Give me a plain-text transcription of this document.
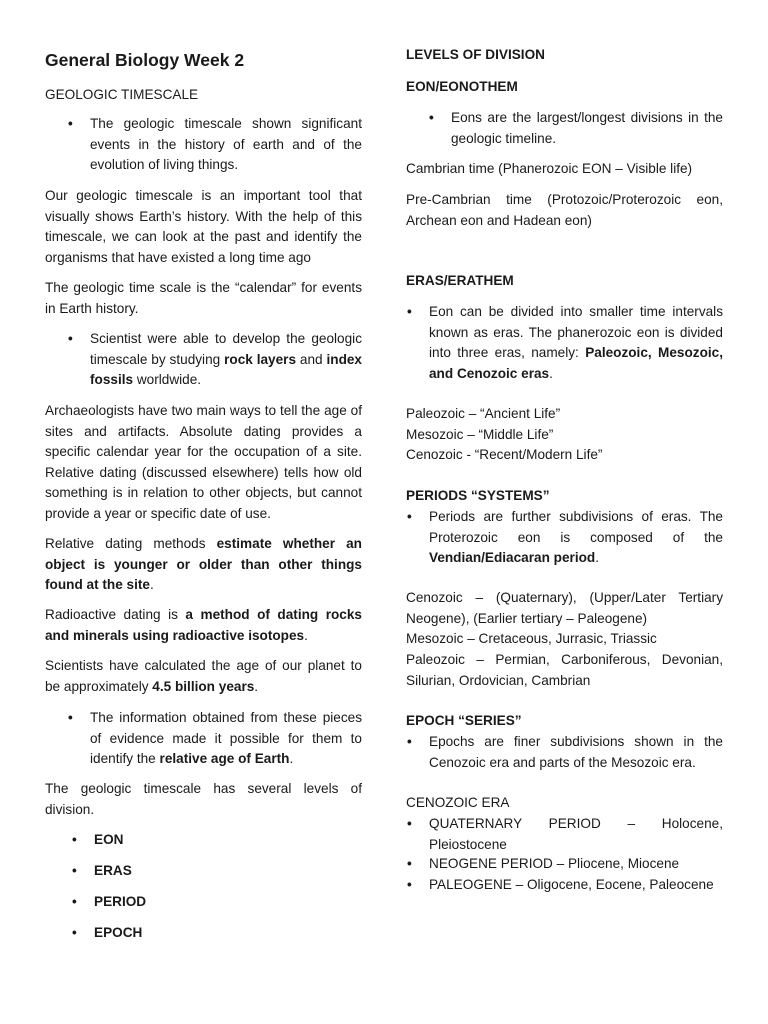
General Biology Week 2

GEOLOGIC TIMESCALE

• The geologic timescale shown significant events in the history of earth and of the evolution of living things.

Our geologic timescale is an important tool that visually shows Earth’s history. With the help of this timescale, we can look at the past and identify the organisms that have existed a long time ago

The geologic time scale is the “calendar” for events in Earth history.

• Scientist were able to develop the geologic timescale by studying rock layers and index fossils worldwide.

Archaeologists have two main ways to tell the age of sites and artifacts. Absolute dating provides a specific calendar year for the occupation of a site. Relative dating (discussed elsewhere) tells how old something is in relation to other objects, but cannot provide a year or specific date of use.

Relative dating methods estimate whether an object is younger or older than other things found at the site.

Radioactive dating is a method of dating rocks and minerals using radioactive isotopes.

Scientists have calculated the age of our planet to be approximately 4.5 billion years.

• The information obtained from these pieces of evidence made it possible for them to identify the relative age of Earth.

The geologic timescale has several levels of division.

• EON
• ERAS
• PERIOD
• EPOCH

LEVELS OF DIVISION

EON/EONOTHEM

• Eons are the largest/longest divisions in the geologic timeline.

Cambrian time (Phanerozoic EON – Visible life)

Pre-Cambrian time (Protozoic/Proterozoic eon, Archean eon and Hadean eon)

ERAS/ERATHEM

• Eon can be divided into smaller time intervals known as eras. The phanerozoic eon is divided into three eras, namely: Paleozoic, Mesozoic, and Cenozoic eras.

Paleozoic – “Ancient Life”

Mesozoic – “Middle Life”

Cenozoic - “Recent/Modern Life”

PERIODS “SYSTEMS”

• Periods are further subdivisions of eras. The Proterozoic eon is composed of the Vendian/Ediacaran period.

Cenozoic – (Quaternary), (Upper/Later Tertiary Neogene), (Earlier tertiary – Paleogene)

Mesozoic – Cretaceous, Jurrasic, Triassic

Paleozoic – Permian, Carboniferous, Devonian, Silurian, Ordovician, Cambrian

EPOCH “SERIES”

• Epochs are finer subdivisions shown in the Cenozoic era and parts of the Mesozoic era.

CENOZOIC ERA

• QUATERNARY PERIOD – Holocene, Pleiostocene

• NEOGENE PERIOD – Pliocene, Miocene

• PALEOGENE – Oligocene, Eocene, Paleocene
